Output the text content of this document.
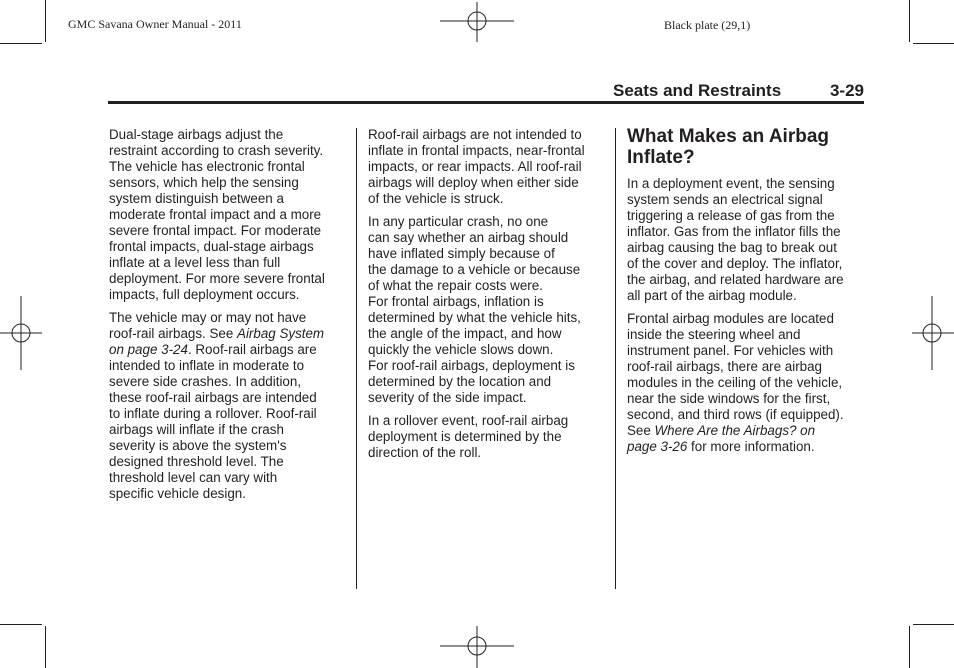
GMC Savana Owner Manual - 2011	Black plate (29,1)
Seats and Restraints	3-29

Dual-stage airbags adjust the
restraint according to crash severity.
The vehicle has electronic frontal
sensors, which help the sensing
system distinguish between a
moderate frontal impact and a more
severe frontal impact. For moderate
frontal impacts, dual-stage airbags
inflate at a level less than full
deployment. For more severe frontal
impacts, full deployment occurs.

The vehicle may or may not have
roof-rail airbags. See Airbag System
on page 3-24. Roof-rail airbags are
intended to inflate in moderate to
severe side crashes. In addition,
these roof-rail airbags are intended
to inflate during a rollover. Roof-rail
airbags will inflate if the crash
severity is above the system's
designed threshold level. The
threshold level can vary with
specific vehicle design.

Roof-rail airbags are not intended to
inflate in frontal impacts, near-frontal
impacts, or rear impacts. All roof-rail
airbags will deploy when either side
of the vehicle is struck.

In any particular crash, no one
can say whether an airbag should
have inflated simply because of
the damage to a vehicle or because
of what the repair costs were.
For frontal airbags, inflation is
determined by what the vehicle hits,
the angle of the impact, and how
quickly the vehicle slows down.
For roof-rail airbags, deployment is
determined by the location and
severity of the side impact.

In a rollover event, roof-rail airbag
deployment is determined by the
direction of the roll.

What Makes an Airbag
Inflate?

In a deployment event, the sensing
system sends an electrical signal
triggering a release of gas from the
inflator. Gas from the inflator fills the
airbag causing the bag to break out
of the cover and deploy. The inflator,
the airbag, and related hardware are
all part of the airbag module.

Frontal airbag modules are located
inside the steering wheel and
instrument panel. For vehicles with
roof-rail airbags, there are airbag
modules in the ceiling of the vehicle,
near the side windows for the first,
second, and third rows (if equipped).
See Where Are the Airbags? on
page 3-26 for more information.
